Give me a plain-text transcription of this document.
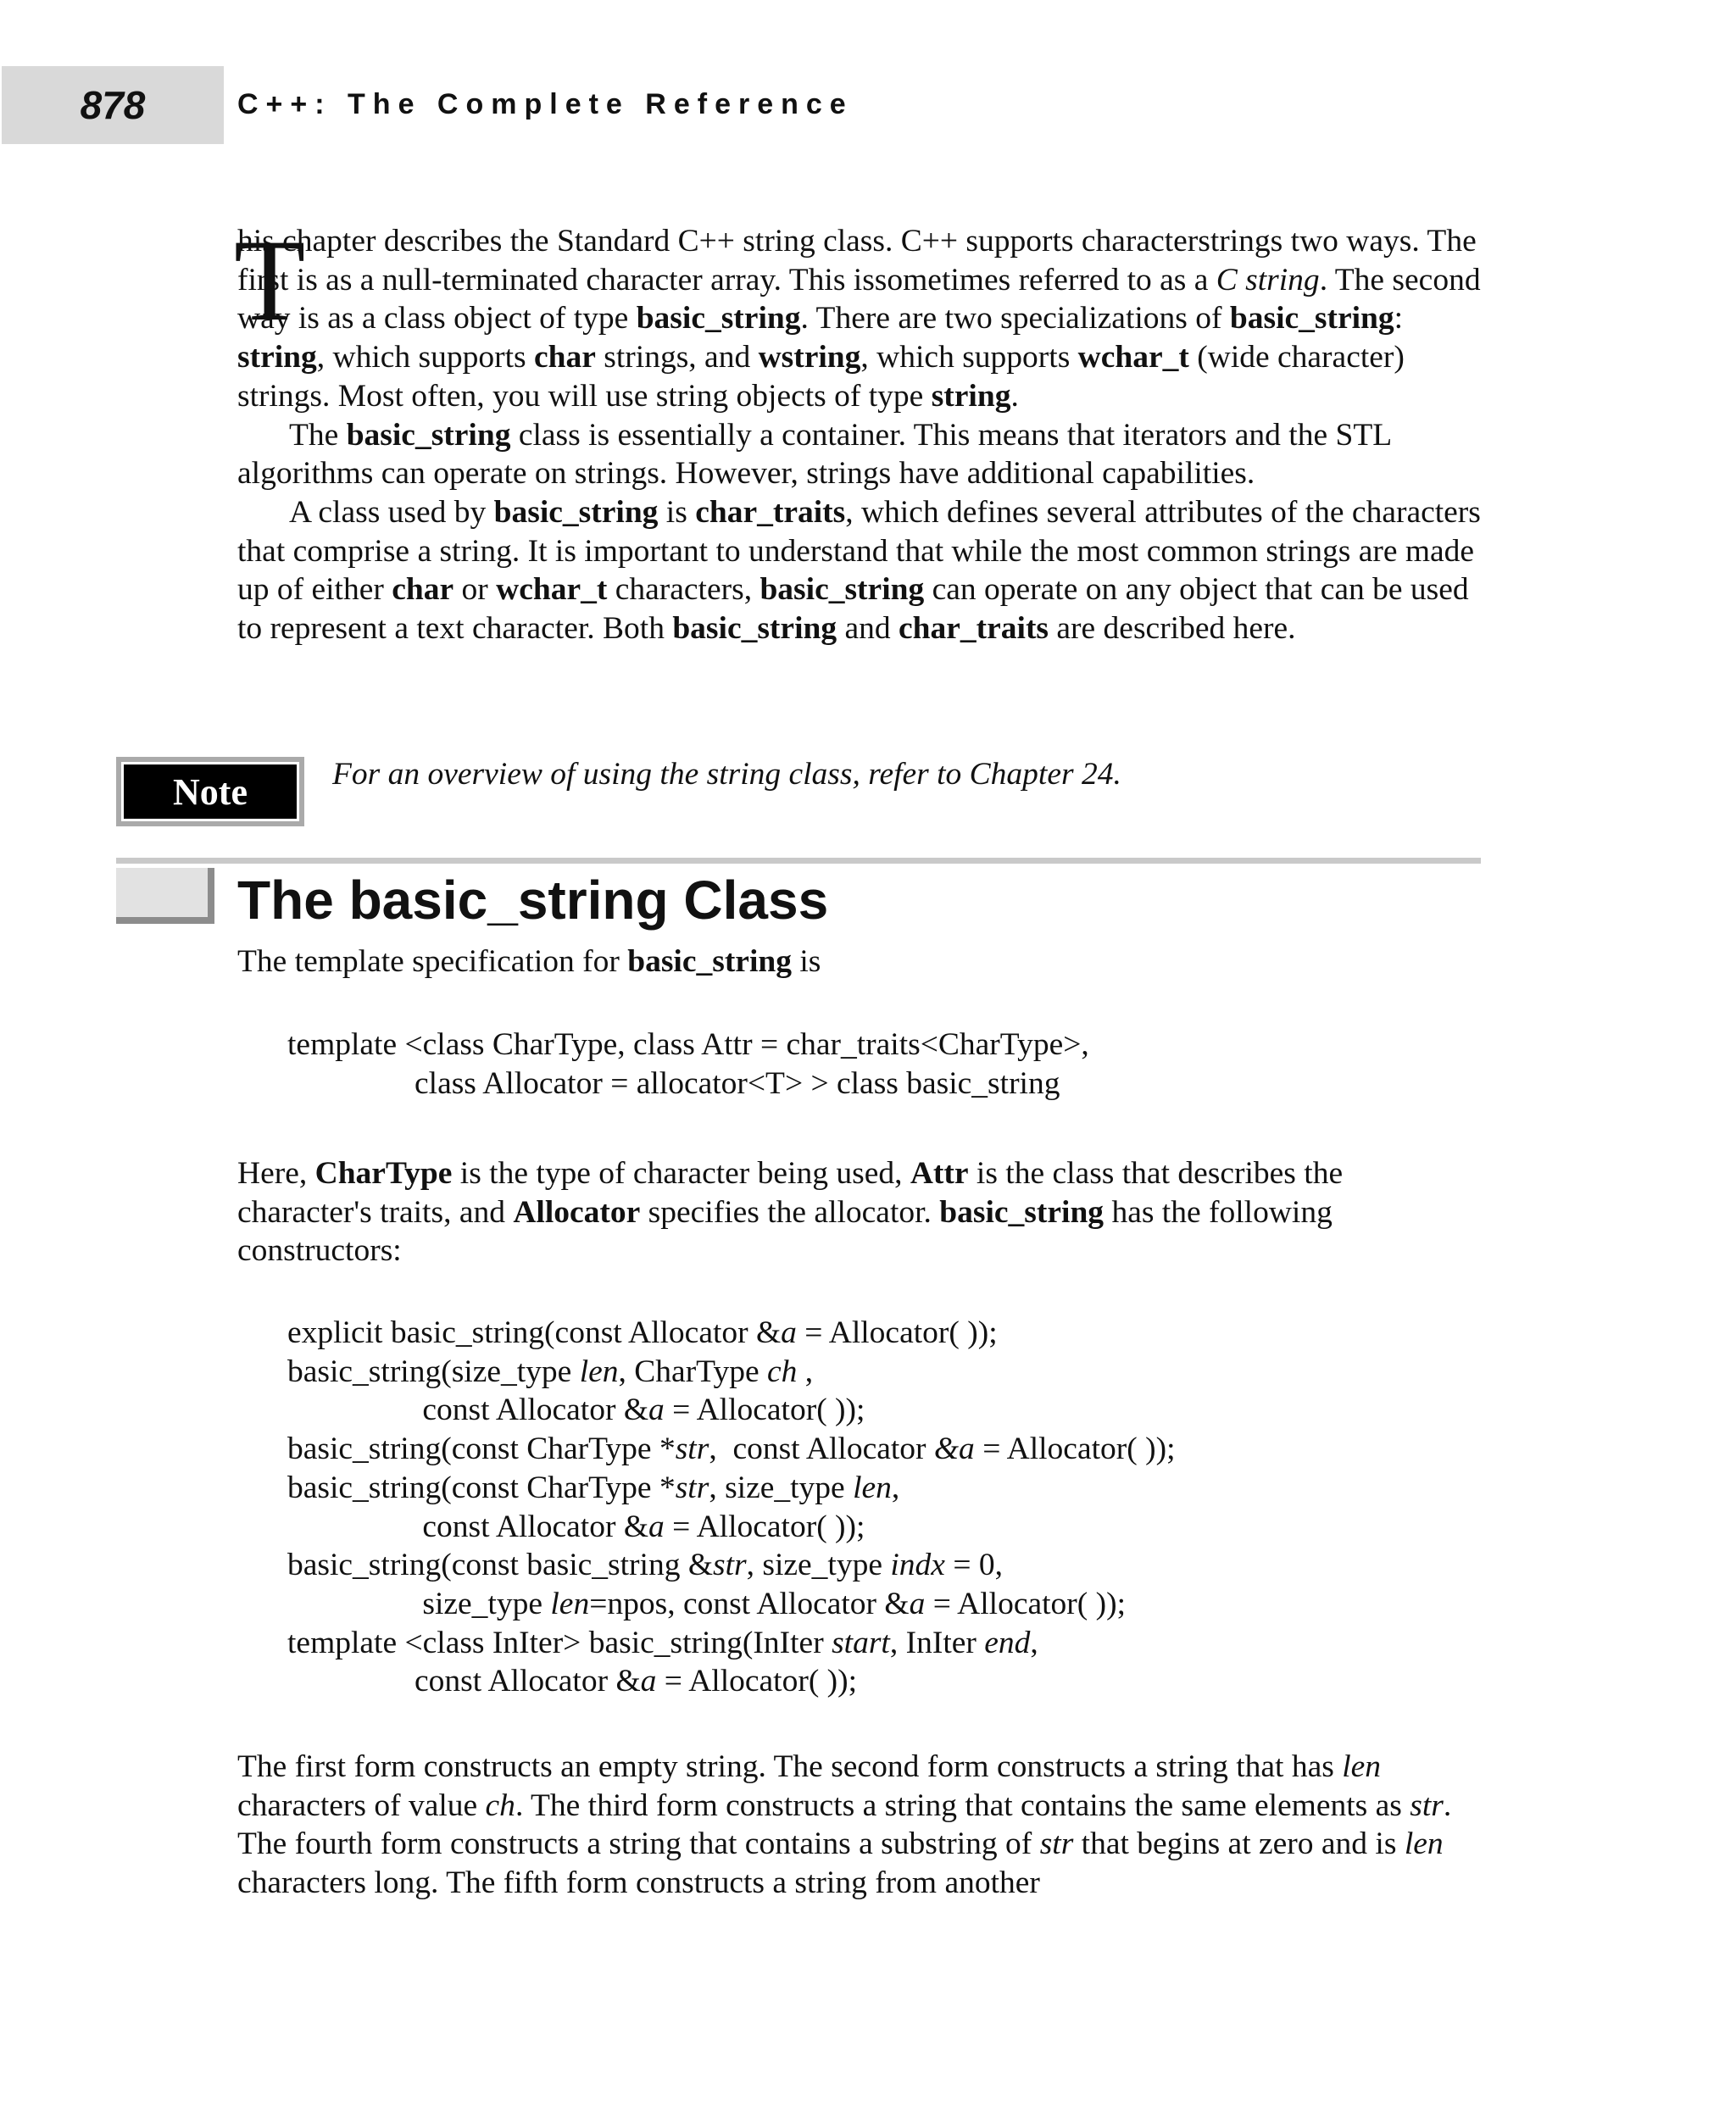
878	C++: The Complete Reference
T

his chapter describes the Standard C++ string class. C++ supports characterstrings two ways. The first is as a null-terminated character array. This issometimes referred to as a C string. The second way is as a class object of type basic_string. There are two specializations of basic_string: string, which supports char strings, and wstring, which supports wchar_t (wide character) strings. Most often, you will use string objects of type string.

The basic_string class is essentially a container. This means that iterators and the STL algorithms can operate on strings. However, strings have additional capabilities.

A class used by basic_string is char_traits, which defines several attributes of the characters that comprise a string. It is important to understand that while the most common strings are made up of either char or wchar_t characters, basic_string can operate on any object that can be used to represent a text character. Both basic_string and char_traits are described here.

Note	For an overview of using the string class, refer to Chapter 24.
The basic_string Class
The template specification for basic_string is
template <class CharType, class Attr = char_traits<CharType>,
class Allocator = allocator<T> > class basic_string
Here, CharType is the type of character being used, Attr is the class that describes the character's traits, and Allocator specifies the allocator. basic_string has the following constructors:
explicit basic_string(const Allocator &a = Allocator( ));
basic_string(size_type len, CharType ch ,
const Allocator &a = Allocator( ));
basic_string(const CharType *str,  const Allocator &a = Allocator( ));
basic_string(const CharType *str, size_type len,
const Allocator &a = Allocator( ));
basic_string(const basic_string &str, size_type indx = 0,
size_type len=npos, const Allocator &a = Allocator( ));
template <class InIter> basic_string(InIter start, InIter end,
const Allocator &a = Allocator( ));
The first form constructs an empty string. The second form constructs a string that has len characters of value ch. The third form constructs a string that contains the same elements as str. The fourth form constructs a string that contains a substring of str that begins at zero and is len characters long. The fifth form constructs a string from another
